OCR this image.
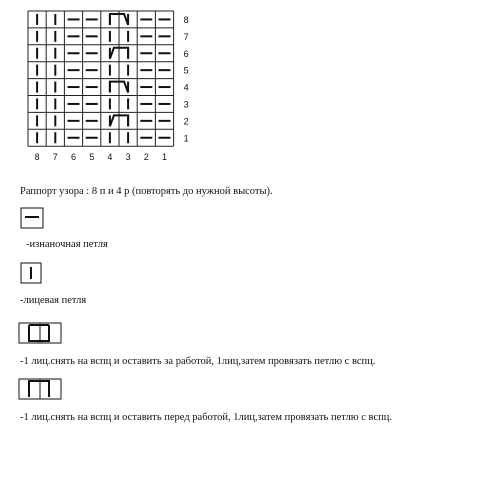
8
7
6
5
4
3
2
1
8 7 6 5 4 3 2 1
Раппорт узора : 8 п и 4 р (повторять до нужной высоты).
-изнаночная петля
-лицевая петля
-1 лиц.снять на вспц и оставить за работой, 1лиц,затем провязать петлю с вспц.
-1 лиц.снять на вспц и оставить перед работой, 1лиц,затем провязать петлю с вспц.
